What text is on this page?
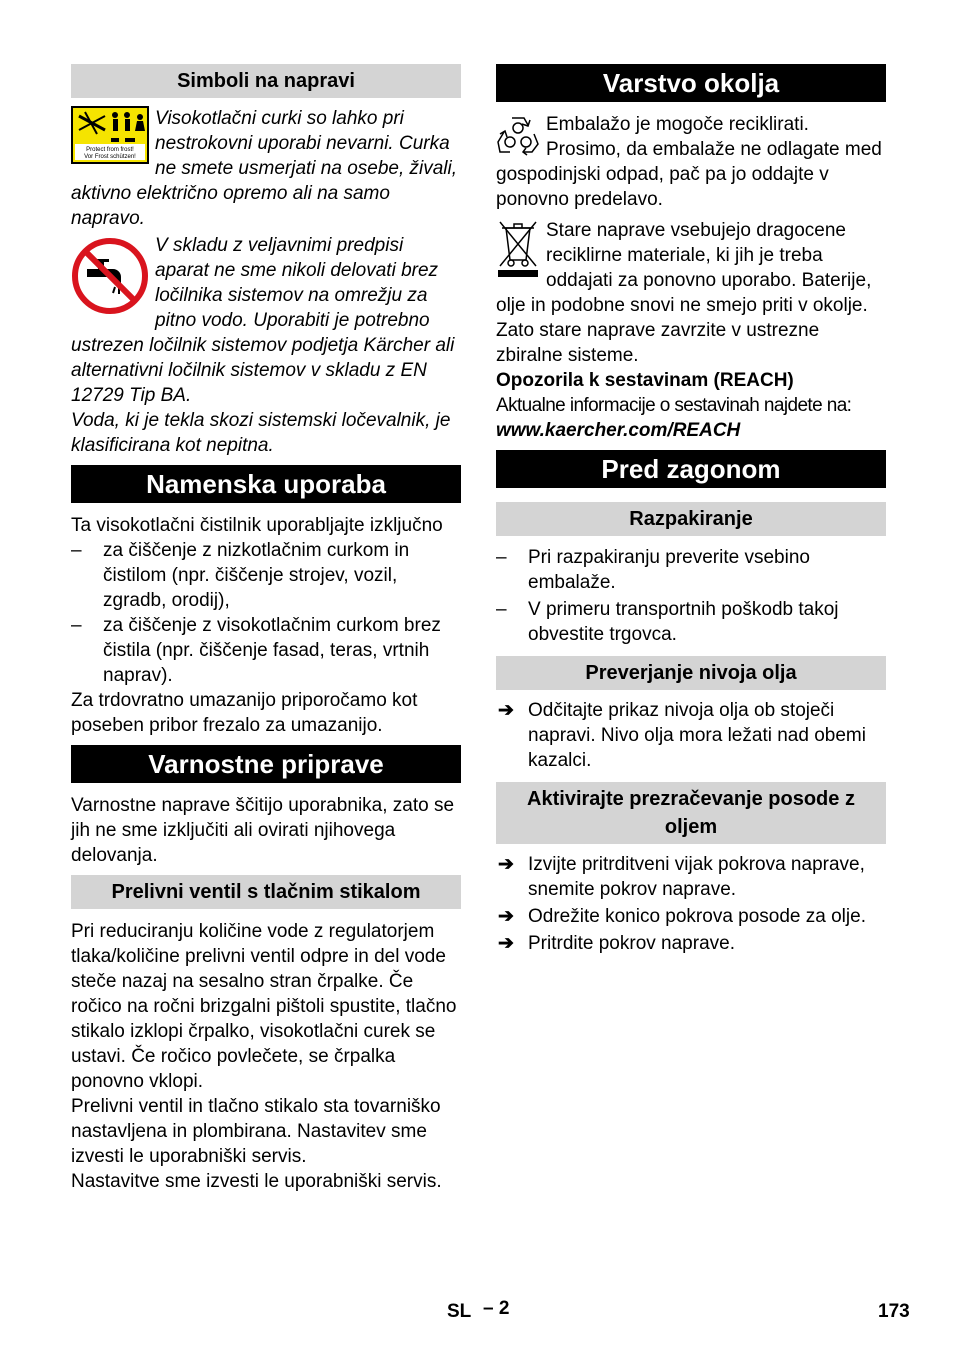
Simboli na napravi
Protect from frost!
Vor Frost schützen!

Visokotlačni curki so lahko pri nestrokovni uporabi nevarni. Curka ne smete usmerjati na osebe, živali, aktivno električno opremo ali na samo napravo.

V skladu z veljavnimi predpisi aparat ne sme nikoli delovati brez ločilnika sistemov na omrežju za pitno vodo. Uporabiti je potrebno ustrezen ločilnik sistemov podjetja Kärcher ali alternativni ločilnik sistemov v skladu z EN 12729 Tip BA.

Voda, ki je tekla skozi sistemski ločevalnik, je klasificirana kot nepitna.

Namenska uporaba

Ta visokotlačni čistilnik uporabljajte izključno

– za čiščenje z nizkotlačnim curkom in čistilom (npr. čiščenje strojev, vozil, zgradb, orodij),
– za čiščenje z visokotlačnim curkom brez čistila (npr. čiščenje fasad, teras, vrtnih naprav).

Za trdovratno umazanijo priporočamo kot poseben pribor frezalo za umazanijo.

Varnostne priprave

Varnostne naprave ščitijo uporabnika, zato se jih ne sme izključiti ali ovirati njihovega delovanja.

Prelivni ventil s tlačnim stikalom

Pri reduciranju količine vode z regulatorjem tlaka/količine prelivni ventil odpre in del vode steče nazaj na sesalno stran črpalke. Če ročico na ročni brizgalni pištoli spustite, tlačno stikalo izklopi črpalko, visokotlačni curek se ustavi. Če ročico povlečete, se črpalka ponovno vklopi.

Prelivni ventil in tlačno stikalo sta tovarniško nastavljena in plombirana. Nastavitev sme izvesti le uporabniški servis.

Nastavitve sme izvesti le uporabniški servis.

Varstvo okolja

Embalažo je mogoče reciklirati. Prosimo, da embalaže ne odlagate med gospodinjski odpad, pač pa jo oddajte v ponovno predelavo.

Stare naprave vsebujejo dragocene reciklirne materiale, ki jih je treba oddajati za ponovno uporabo. Baterije, olje in podobne snovi ne smejo priti v okolje. Zato stare naprave zavrzite v ustrezne zbiralne sisteme.

Opozorila k sestavinam (REACH)

Aktualne informacije o sestavinah najdete na:

www.kaercher.com/REACH

Pred zagonom
Razpakiranje
– Pri razpakiranju preverite vsebino embalaže.
– V primeru transportnih poškodb takoj obvestite trgovca.
Preverjanje nivoja olja
➔ Odčitajte prikaz nivoja olja ob stoječi napravi. Nivo olja mora ležati nad obemi kazalci.
Aktivirajte prezračevanje posode z oljem
➔ Izvijte pritrditveni vijak pokrova naprave, snemite pokrov naprave.
➔ Odrežite konico pokrova posode za olje.
➔ Pritrdite pokrov naprave.
SL – 2	173
